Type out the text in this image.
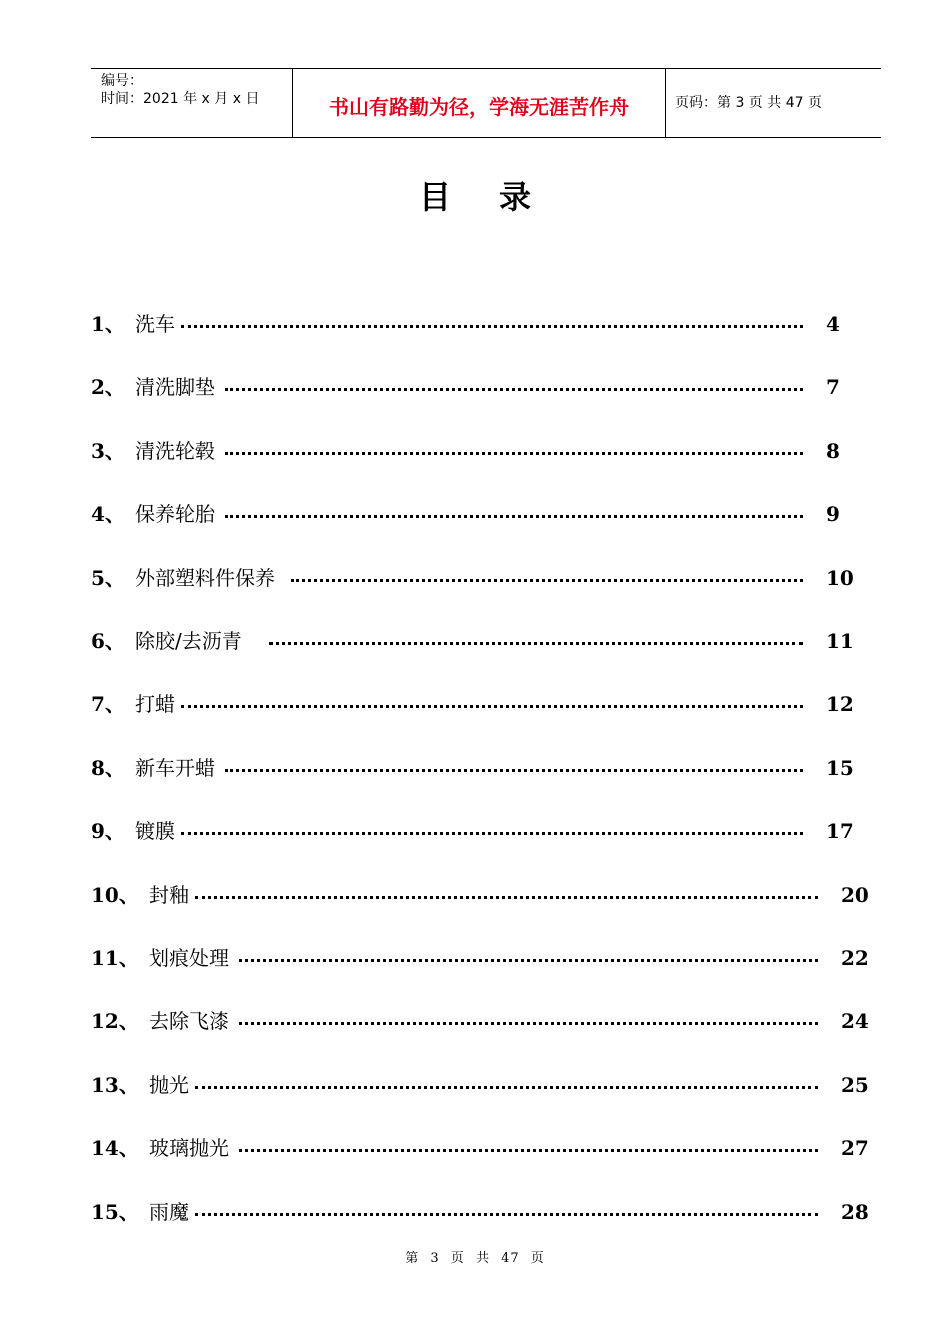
编号：
时间：2021 年 x 月 x 日	书山有路勤为径，学海无涯苦作舟	页码：第 3 页 共 47 页
目录
1、 洗车	4
2、 清洗脚垫	7
3、 清洗轮毂	8
4、 保养轮胎	9
5、 外部塑料件保养	10
6、 除胶/去沥青	11
7、 打蜡	12
8、 新车开蜡	15
9、 镀膜	17
10、 封釉	20
11、 划痕处理	22
12、 去除飞漆	24
13、 抛光	25
14、 玻璃抛光	27
15、 雨魔	28
第 3 页 共 47 页
